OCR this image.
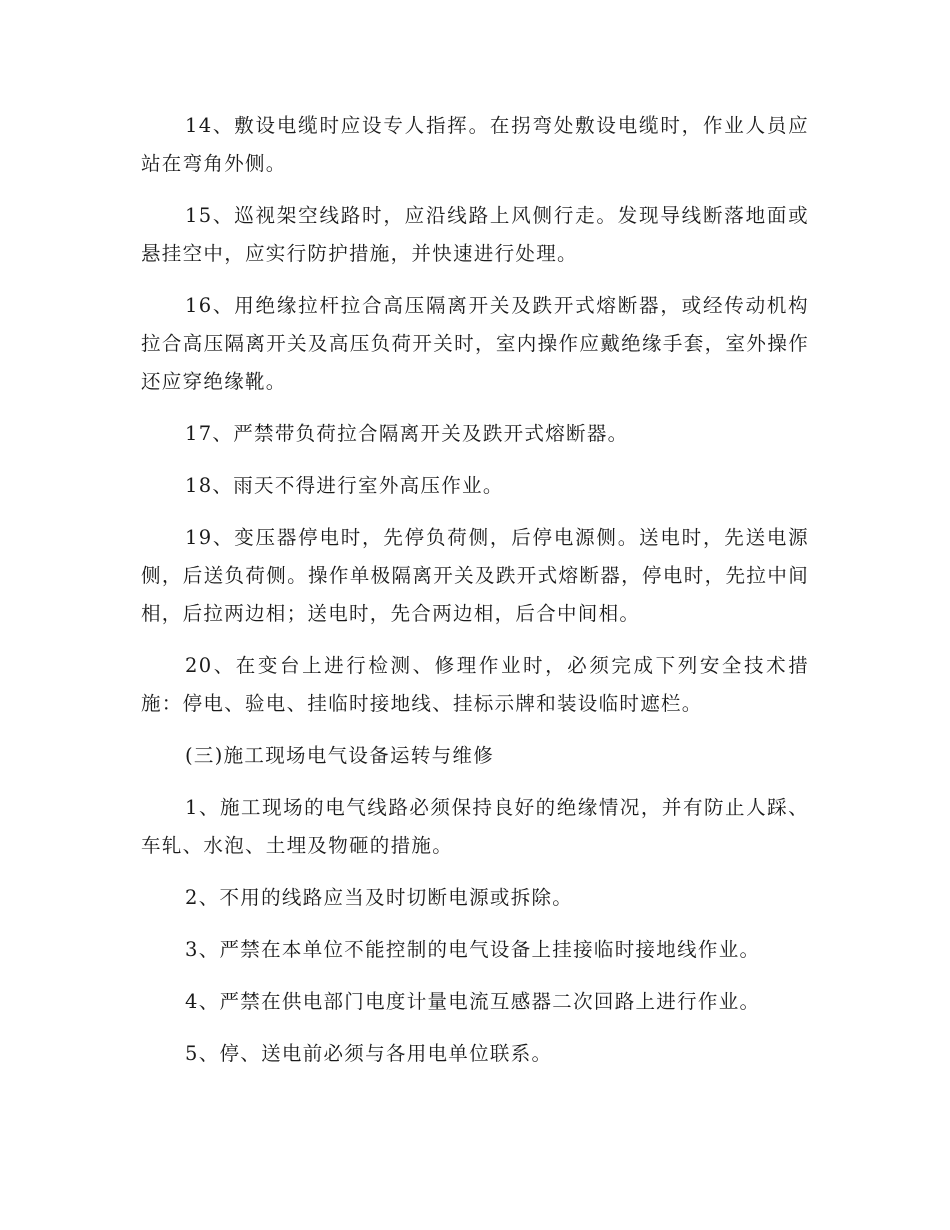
14、敷设电缆时应设专人指挥。在拐弯处敷设电缆时，作业人员应站在弯角外侧。

15、巡视架空线路时，应沿线路上风侧行走。发现导线断落地面或悬挂空中，应实行防护措施，并快速进行处理。

16、用绝缘拉杆拉合高压隔离开关及跌开式熔断器，或经传动机构拉合高压隔离开关及高压负荷开关时，室内操作应戴绝缘手套，室外操作还应穿绝缘靴。

17、严禁带负荷拉合隔离开关及跌开式熔断器。

18、雨天不得进行室外高压作业。

19、变压器停电时，先停负荷侧，后停电源侧。送电时，先送电源侧，后送负荷侧。操作单极隔离开关及跌开式熔断器，停电时，先拉中间相，后拉两边相；送电时，先合两边相，后合中间相。

20、在变台上进行检测、修理作业时，必须完成下列安全技术措施：停电、验电、挂临时接地线、挂标示牌和装设临时遮栏。

(三)施工现场电气设备运转与维修

1、施工现场的电气线路必须保持良好的绝缘情况，并有防止人踩、车轧、水泡、土埋及物砸的措施。

2、不用的线路应当及时切断电源或拆除。

3、严禁在本单位不能控制的电气设备上挂接临时接地线作业。

4、严禁在供电部门电度计量电流互感器二次回路上进行作业。

5、停、送电前必须与各用电单位联系。
